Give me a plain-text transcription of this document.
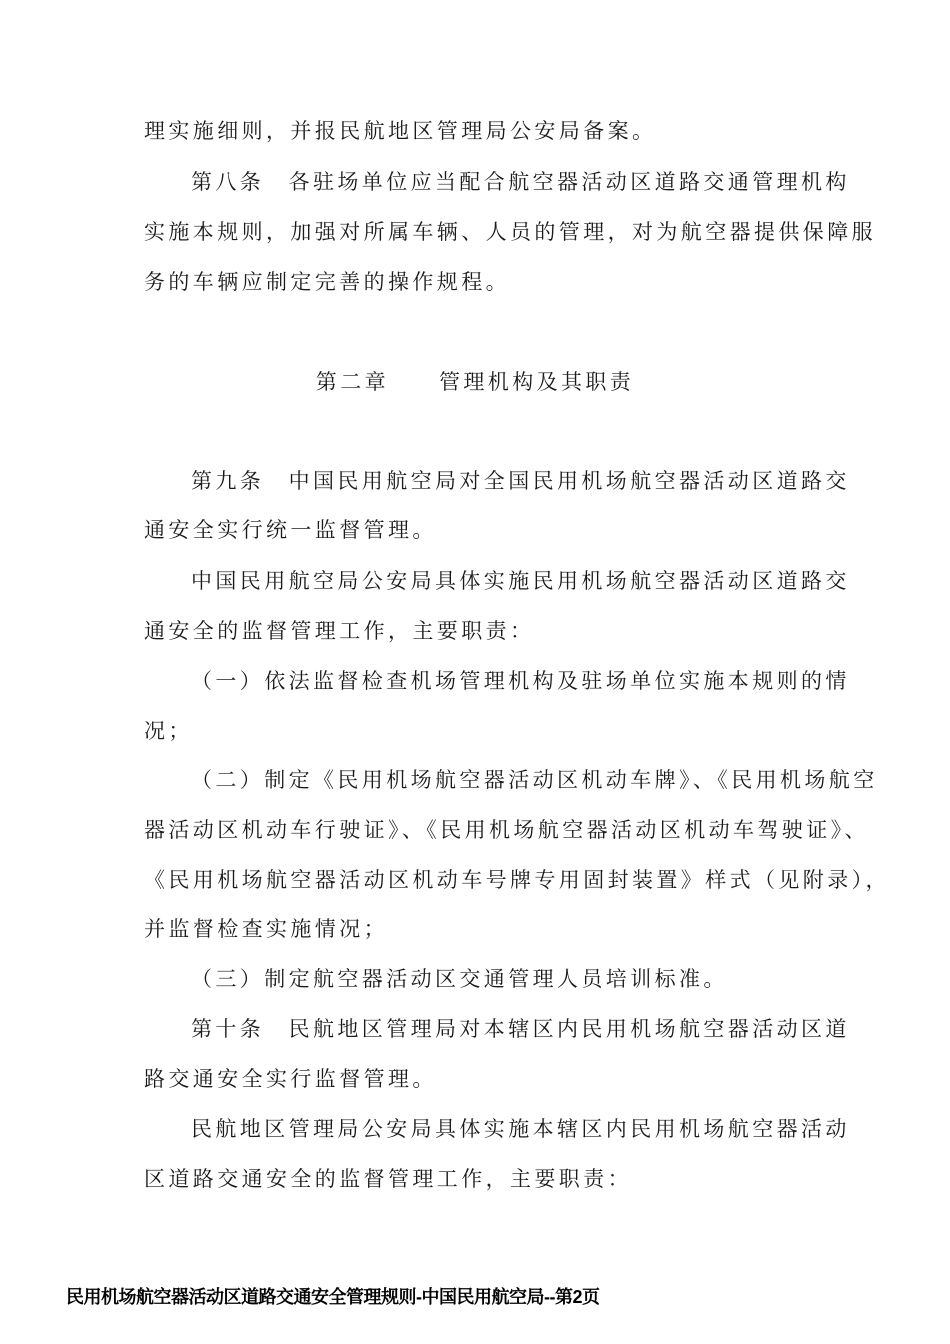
理实施细则，并报民航地区管理局公安局备案。
第八条　各驻场单位应当配合航空器活动区道路交通管理机构
实施本规则，加强对所属车辆、人员的管理，对为航空器提供保障服
务的车辆应制定完善的操作规程。
第二章 管理机构及其职责
第九条　中国民用航空局对全国民用机场航空器活动区道路交
通安全实行统一监督管理。
中国民用航空局公安局具体实施民用机场航空器活动区道路交
通安全的监督管理工作，主要职责：
（一）依法监督检查机场管理机构及驻场单位实施本规则的情
况；
（二）制定《民用机场航空器活动区机动车牌》、《民用机场航空
器活动区机动车行驶证》、《民用机场航空器活动区机动车驾驶证》、
《民用机场航空器活动区机动车号牌专用固封装置》样式（见附录），
并监督检查实施情况；
（三）制定航空器活动区交通管理人员培训标准。
第十条　民航地区管理局对本辖区内民用机场航空器活动区道
路交通安全实行监督管理。
民航地区管理局公安局具体实施本辖区内民用机场航空器活动
区道路交通安全的监督管理工作，主要职责：
民用机场航空器活动区道路交通安全管理规则-中国民用航空局--第2页
